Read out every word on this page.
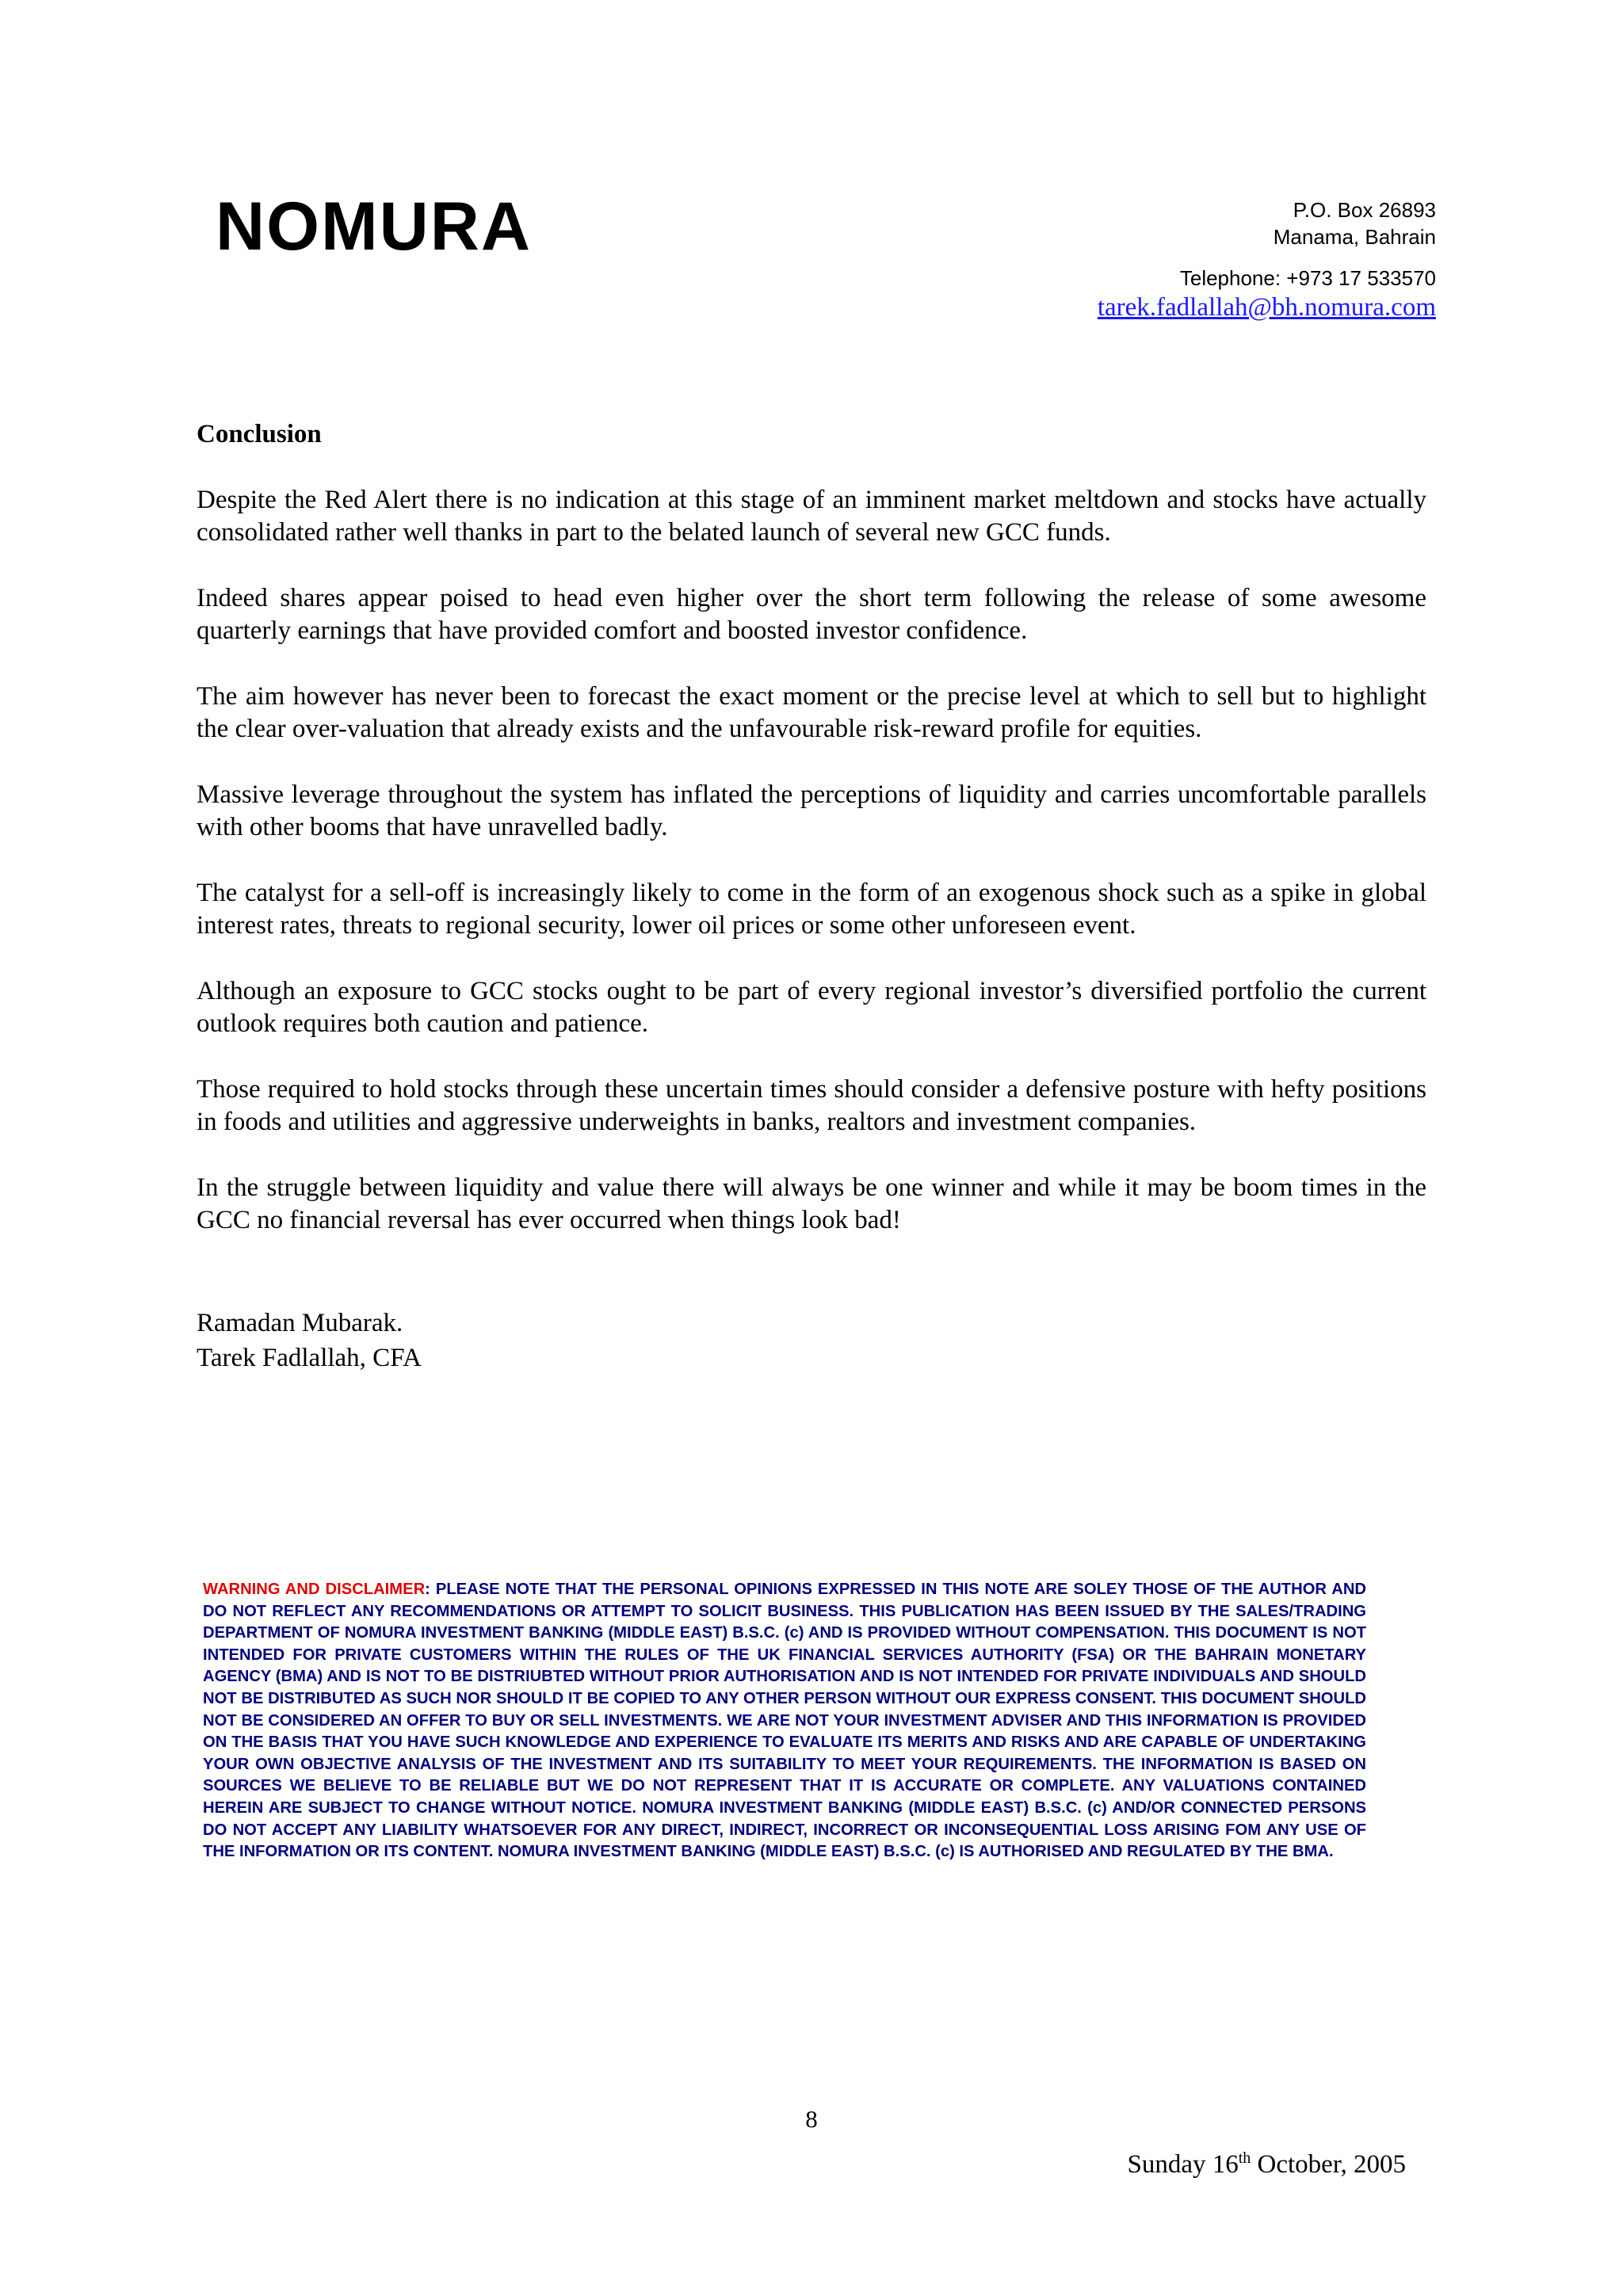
NOMURA	P.O. Box 26893
Manama, Bahrain
Telephone: +973 17 533570
tarek.fadlallah@bh.nomura.com
Conclusion

Despite the Red Alert there is no indication at this stage of an imminent market meltdown and stocks have actually consolidated rather well thanks in part to the belated launch of several new GCC funds.

Indeed shares appear poised to head even higher over the short term following the release of some awesome quarterly earnings that have provided comfort and boosted investor confidence.

The aim however has never been to forecast the exact moment or the precise level at which to sell but to highlight the clear over-valuation that already exists and the unfavourable risk-reward profile for equities.

Massive leverage throughout the system has inflated the perceptions of liquidity and carries uncomfortable parallels with other booms that have unravelled badly.

The catalyst for a sell-off is increasingly likely to come in the form of an exogenous shock such as a spike in global interest rates, threats to regional security, lower oil prices or some other unforeseen event.

Although an exposure to GCC stocks ought to be part of every regional investor’s diversified portfolio the current outlook requires both caution and patience.

Those required to hold stocks through these uncertain times should consider a defensive posture with hefty positions in foods and utilities and aggressive underweights in banks, realtors and investment companies.

In the struggle between liquidity and value there will always be one winner and while it may be boom times in the GCC no financial reversal has ever occurred when things look bad!

Ramadan Mubarak.
Tarek Fadlallah, CFA
WARNING AND DISCLAIMER: PLEASE NOTE THAT THE PERSONAL OPINIONS EXPRESSED IN THIS NOTE ARE SOLEY THOSE OF THE AUTHOR AND DO NOT REFLECT ANY RECOMMENDATIONS OR ATTEMPT TO SOLICIT BUSINESS. THIS PUBLICATION HAS BEEN ISSUED BY THE SALES/TRADING DEPARTMENT OF NOMURA INVESTMENT BANKING (MIDDLE EAST) B.S.C. (c) AND IS PROVIDED WITHOUT COMPENSATION. THIS DOCUMENT IS NOT INTENDED FOR PRIVATE CUSTOMERS WITHIN THE RULES OF THE UK FINANCIAL SERVICES AUTHORITY (FSA) OR THE BAHRAIN MONETARY AGENCY (BMA) AND IS NOT TO BE DISTRIUBTED WITHOUT PRIOR AUTHORISATION AND IS NOT INTENDED FOR PRIVATE INDIVIDUALS AND SHOULD NOT BE DISTRIBUTED AS SUCH NOR SHOULD IT BE COPIED TO ANY OTHER PERSON WITHOUT OUR EXPRESS CONSENT. THIS DOCUMENT SHOULD NOT BE CONSIDERED AN OFFER TO BUY OR SELL INVESTMENTS. WE ARE NOT YOUR INVESTMENT ADVISER AND THIS INFORMATION IS PROVIDED ON THE BASIS THAT YOU HAVE SUCH KNOWLEDGE AND EXPERIENCE TO EVALUATE ITS MERITS AND RISKS AND ARE CAPABLE OF UNDERTAKING YOUR OWN OBJECTIVE ANALYSIS OF THE INVESTMENT AND ITS SUITABILITY TO MEET YOUR REQUIREMENTS. THE INFORMATION IS BASED ON SOURCES WE BELIEVE TO BE RELIABLE BUT WE DO NOT REPRESENT THAT IT IS ACCURATE OR COMPLETE. ANY VALUATIONS CONTAINED HEREIN ARE SUBJECT TO CHANGE WITHOUT NOTICE. NOMURA INVESTMENT BANKING (MIDDLE EAST) B.S.C. (c) AND/OR CONNECTED PERSONS DO NOT ACCEPT ANY LIABILITY WHATSOEVER FOR ANY DIRECT, INDIRECT, INCORRECT OR INCONSEQUENTIAL LOSS ARISING FOM ANY USE OF THE INFORMATION OR ITS CONTENT. NOMURA INVESTMENT BANKING (MIDDLE EAST) B.S.C. (c) IS AUTHORISED AND REGULATED BY THE BMA.
8
Sunday 16th October, 2005
